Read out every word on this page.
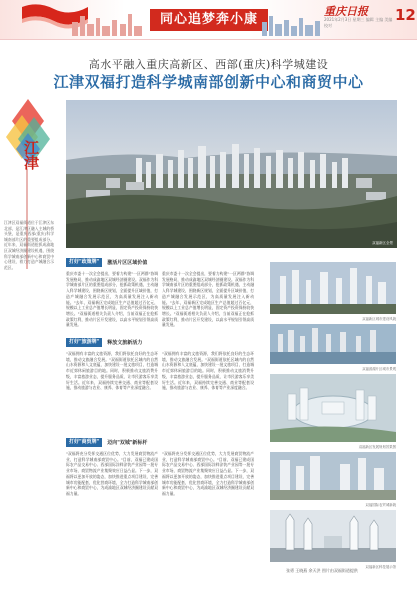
同心追梦奔小康
重庆日报
2021年2月3日 星期三 编辑 主编 美编 校对
12
高水平融入重庆高新区、西部(重庆)科学城建设
江津双福打造科学城南部创新中心和商贸中心
江津
江津区双福街道位于江津区东北部，是江津区融入主城的桥头堡，是重庆西部(重庆)科学城南部片区的重要组成部分。近年来，双福街道抢抓成渝地区双城经济圈建设机遇，围绕科学城南部创新中心和商贸中心建设，着力打造产城融合示范区。
双福新区全景
打好"政策牌"	激活片区区域价值
重庆市委十一次全会提出，要着力构建"一区两群"协调发展格局，推动成渝地区双城经济圈建设。双福作为科学城南部片区的重要组成部分，抢抓政策机遇，主动融入科学城建设，围绕新区规划，全面提升区域价值，打造产城融合发展示范区，为高质量发展注入新动能。"去年，双福新区完成地区生产总值超过百亿元，规模以上工业总产值增长明显，固定资产投资保持较快增长。"双福街道相关负责人介绍，当前双福正在抢抓政策红利，推动片区开发建设，以高水平规划引领高质量发展。
重庆市委十一次全会提出，要着力构建"一区两群"协调发展格局，推动成渝地区双城经济圈建设。双福作为科学城南部片区的重要组成部分，抢抓政策机遇，主动融入科学城建设，围绕新区规划，全面提升区域价值，打造产城融合发展示范区，为高质量发展注入新动能。"去年，双福新区完成地区生产总值超过百亿元，规模以上工业总产值增长明显，固定资产投资保持较快增长。"双福街道相关负责人介绍，当前双福正在抢抓政策红利，推动片区开发建设，以高水平规划引领高质量发展。
打好"旅游牌"	释放文旅新活力
"双福拥有丰富的文旅资源，我们将依托良好的生态环境，推动文旅融合发展。"双福街道依托区域内的自然山水资源和人文底蕴，加快建设一批文旅项目，打造城市近郊休闲旅游目的地。同时，积极推动文旅消费升级，丰富旅游业态，提升服务品质，让市民游客乐享美好生活。近年来，双福持续完善交通、商业等配套设施，推动旅游与农业、康养、体育等产业深度融合。
"双福拥有丰富的文旅资源，我们将依托良好的生态环境，推动文旅融合发展。"双福街道依托区域内的自然山水资源和人文底蕴，加快建设一批文旅项目，打造城市近郊休闲旅游目的地。同时，积极推动文旅消费升级，丰富旅游业态，提升服务品质，让市民游客乐享美好生活。近年来，双福持续完善交通、商业等配套设施，推动旅游与农业、康养、体育等产业深度融合。
打好"商贸牌"	迈向"双城"新标杆
"双福将充分发挥交通区位优势，大力发展商贸物流产业，打造科学城南部商贸中心。"目前，双福已建成国际农产品交易中心、西部国际涂料涂装产业园等一批专业市场，商贸物流产业集聚效应日益凸显。下一步，双福将以更加开放的姿态，加快推进重点项目建设，完善城市功能配套，优化营商环境，全力打造科学城南部创新中心和商贸中心，为成渝地区双城经济圈建设贡献双福力量。
"双福将充分发挥交通区位优势，大力发展商贸物流产业，打造科学城南部商贸中心。"目前，双福已建成国际农产品交易中心、西部国际涂料涂装产业园等一批专业市场，商贸物流产业集聚效应日益凸显。下一步，双福将以更加开放的姿态，加快推进重点项目建设，完善城市功能配套，优化营商环境，全力打造科学城南部创新中心和商贸中心，为成渝地区双城经济圈建设贡献双福力量。
双福新区城市建设风貌
双福滨湖片区城市景观
双福新区发展规划效果图
双福国际农贸城新貌
双福新区科技展示馆
张勇 王晓燕 余天洪 图片由双福街道提供
